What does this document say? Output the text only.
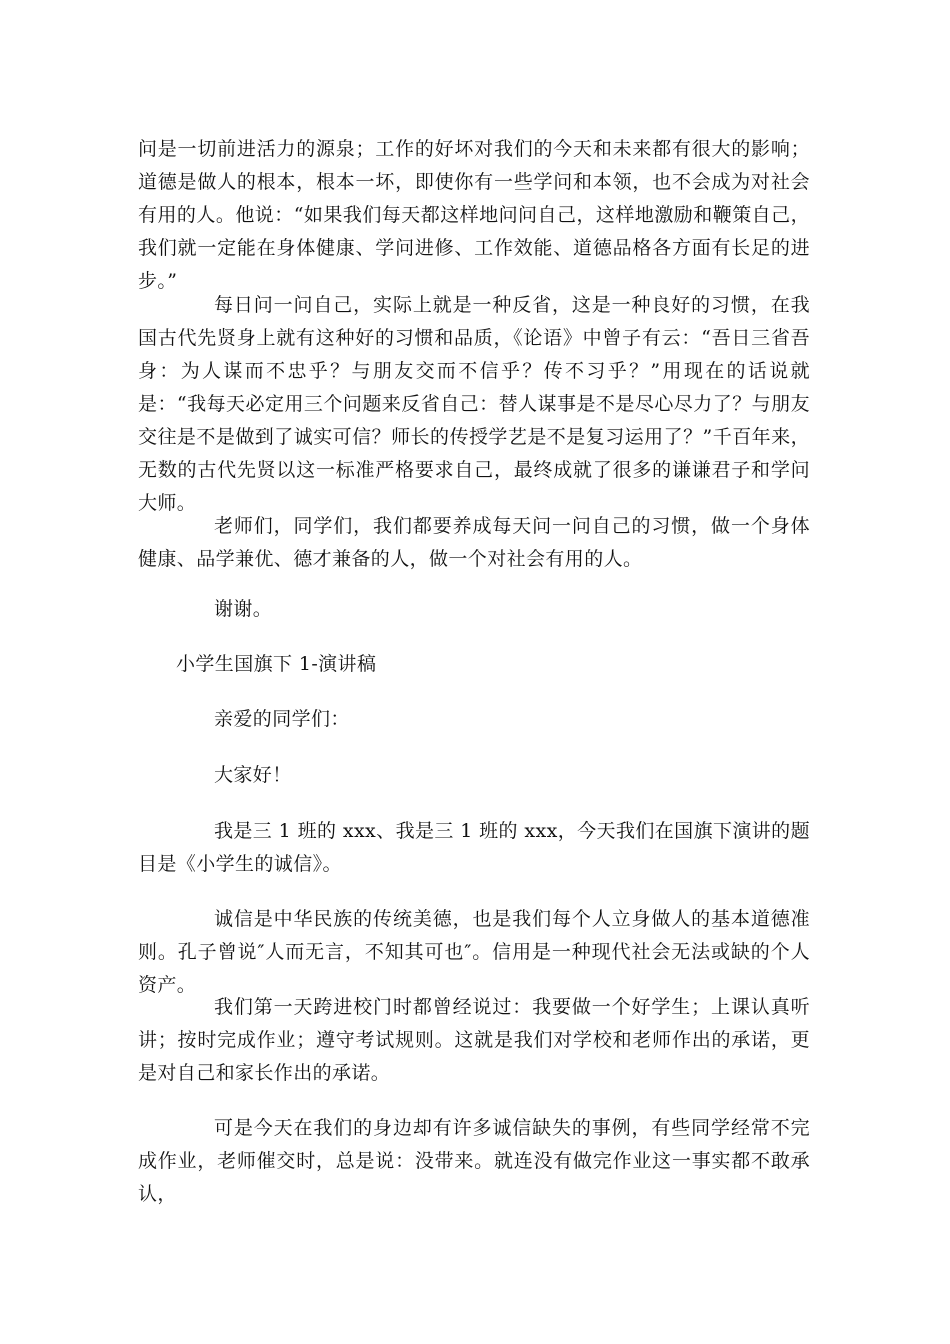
问是一切前进活力的源泉；工作的好坏对我们的今天和未来都有很大的影响；道德是做人的根本，根本一坏，即使你有一些学问和本领，也不会成为对社会有用的人。他说：“如果我们每天都这样地问问自己，这样地激励和鞭策自己，我们就一定能在身体健康、学问进修、工作效能、道德品格各方面有长足的进步。”

每日问一问自己，实际上就是一种反省，这是一种良好的习惯，在我国古代先贤身上就有这种好的习惯和品质，《论语》中曾子有云：“吾日三省吾身：为人谋而不忠乎？与朋友交而不信乎？传不习乎？”用现在的话说就是：“我每天必定用三个问题来反省自己：替人谋事是不是尽心尽力了？与朋友交往是不是做到了诚实可信？师长的传授学艺是不是复习运用了？”千百年来，无数的古代先贤以这一标准严格要求自己，最终成就了很多的谦谦君子和学问大师。

老师们，同学们，我们都要养成每天问一问自己的习惯，做一个身体健康、品学兼优、德才兼备的人，做一个对社会有用的人。

谢谢。

小学生国旗下 1-演讲稿

亲爱的同学们：

大家好！

我是三 1 班的 xxx、我是三 1 班的 xxx，今天我们在国旗下演讲的题目是《小学生的诚信》。

诚信是中华民族的传统美德，也是我们每个人立身做人的基本道德准则。孔子曾说″人而无言，不知其可也″。信用是一种现代社会无法或缺的个人资产。

我们第一天跨进校门时都曾经说过：我要做一个好学生；上课认真听讲；按时完成作业；遵守考试规则。这就是我们对学校和老师作出的承诺，更是对自己和家长作出的承诺。

可是今天在我们的身边却有许多诚信缺失的事例，有些同学经常不完成作业，老师催交时，总是说：没带来。就连没有做完作业这一事实都不敢承认，
